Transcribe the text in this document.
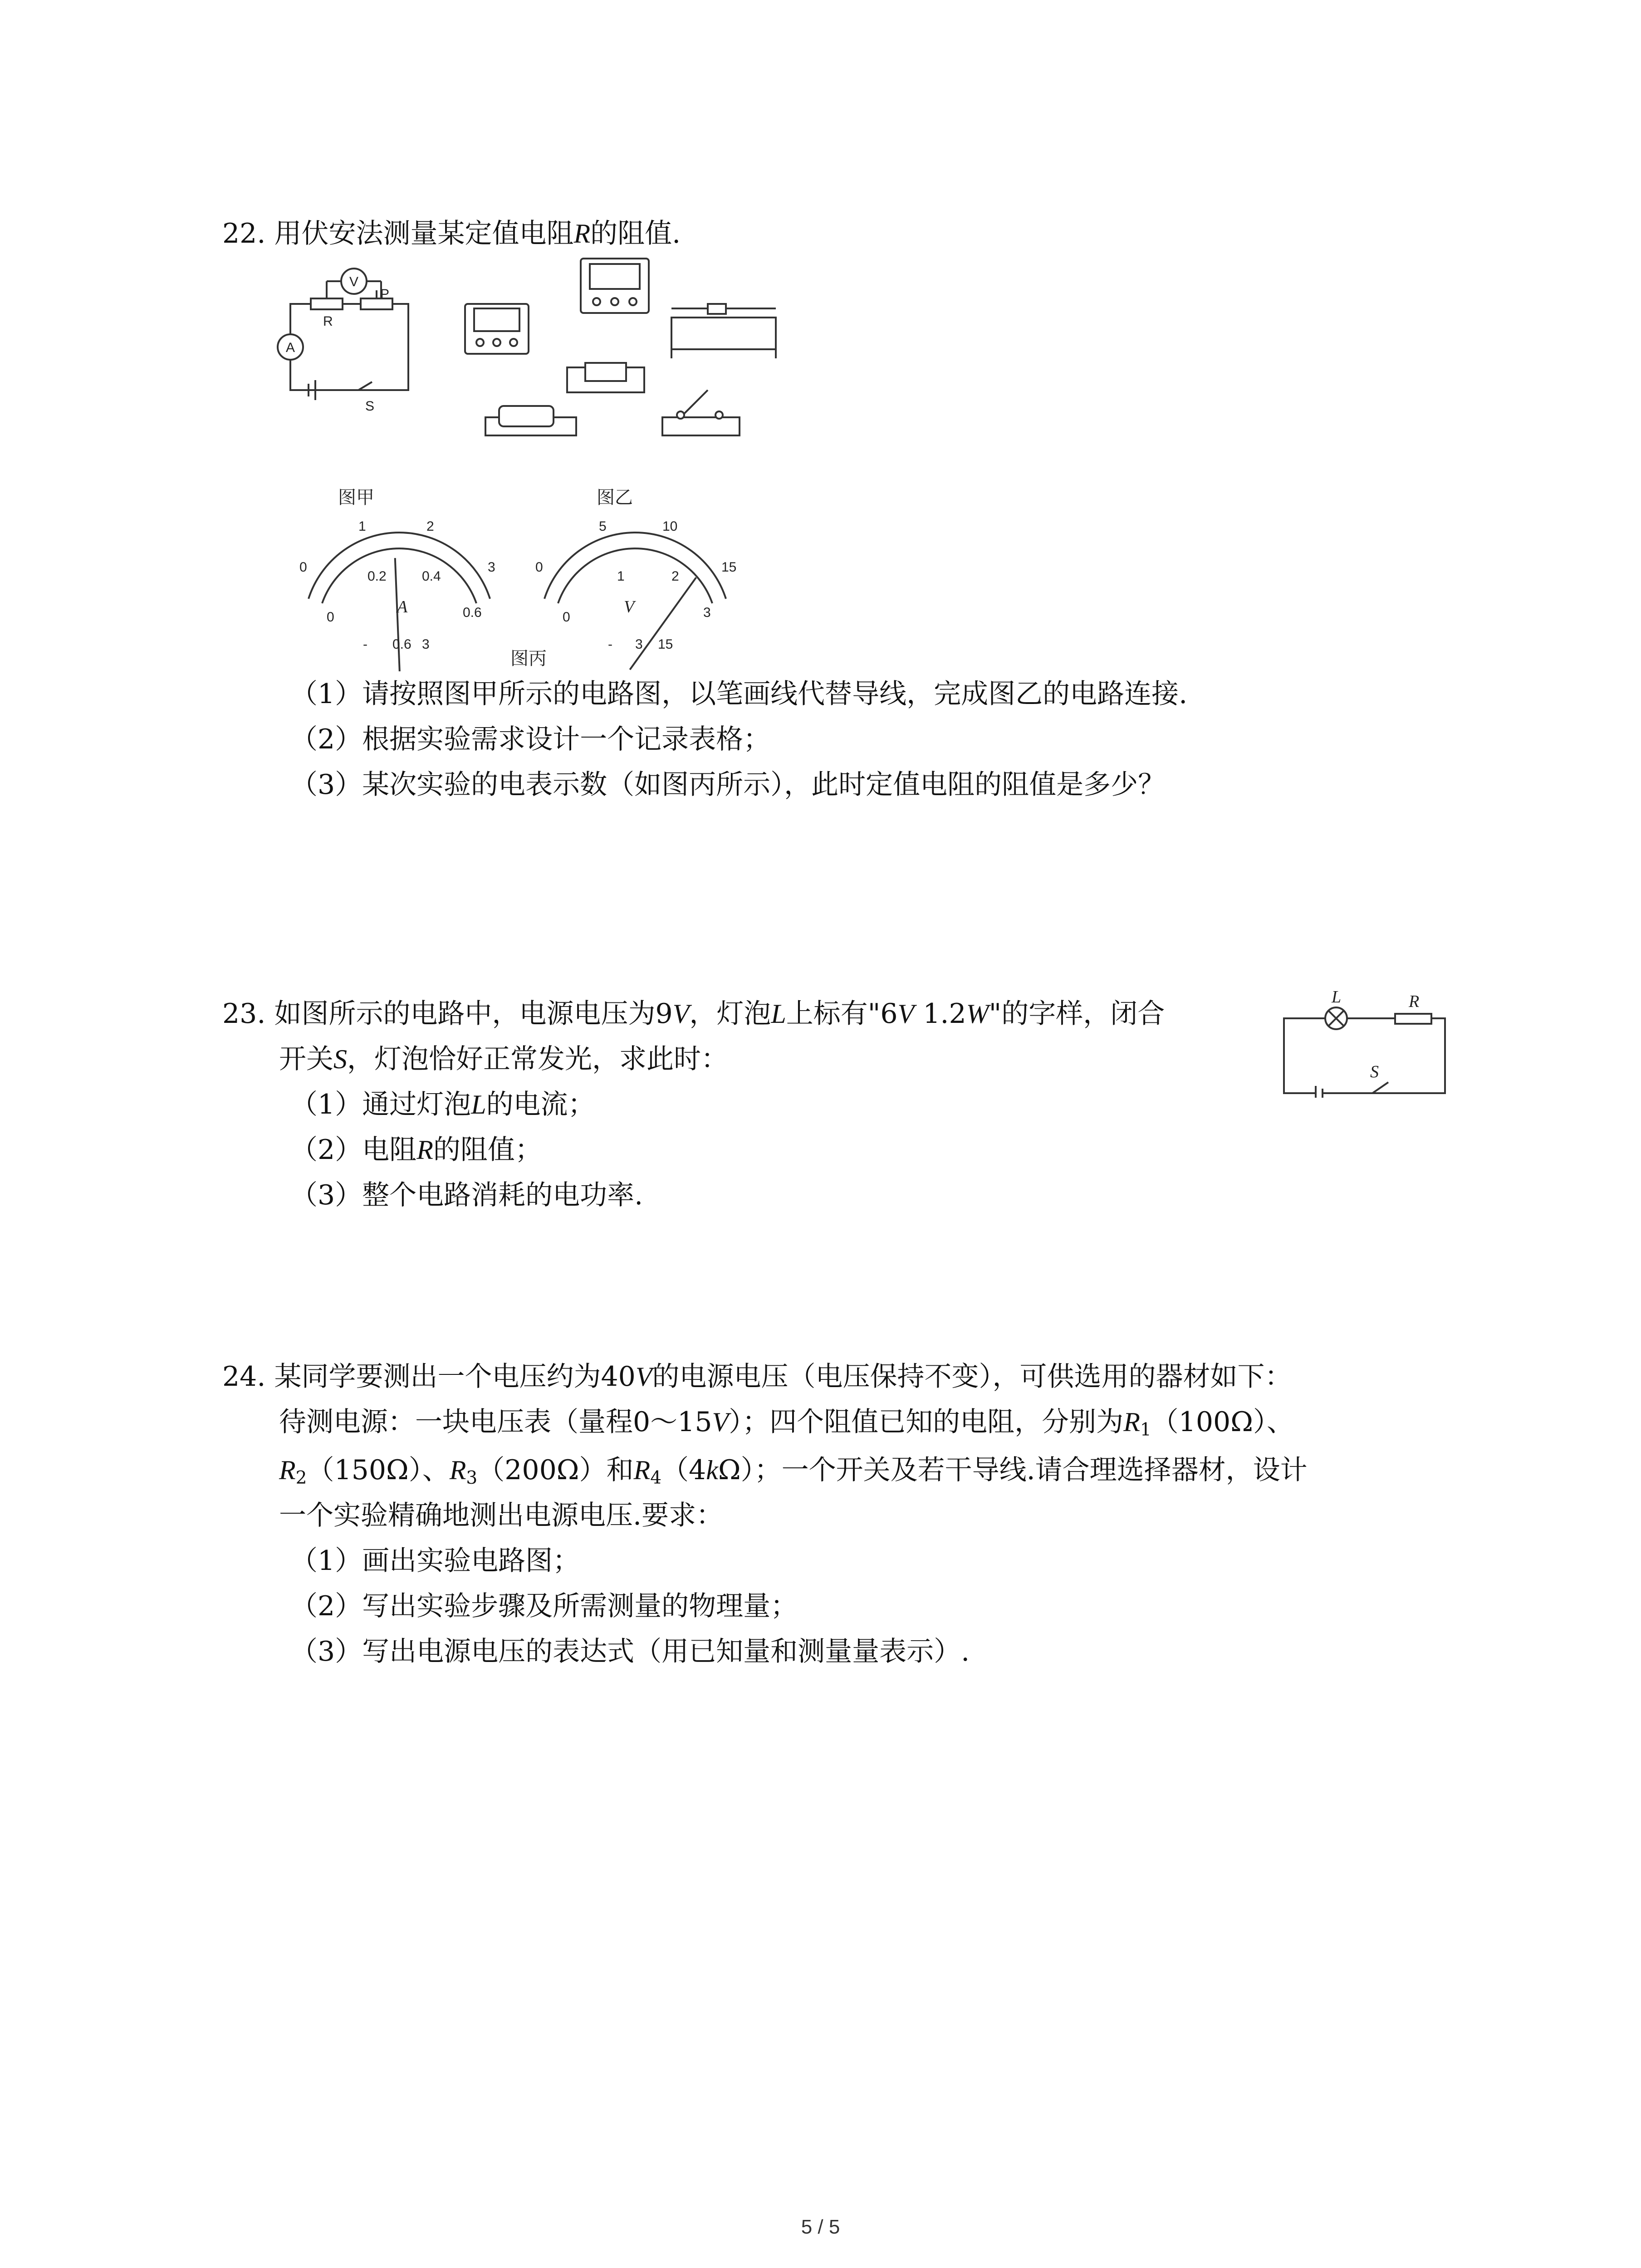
22. 用伏安法测量某定值电阻R的阻值.
V
A
R
P
S
图甲	图乙
0
1	2
3
0
0.2	0.4
0.6
A
- 0.6 3
0
5	10
15
0
1	2
3
V
- 3 15
图丙
（1）请按照图甲所示的电路图，以笔画线代替导线，完成图乙的电路连接.
（2）根据实验需求设计一个记录表格；
（3）某次实验的电表示数（如图丙所示），此时定值电阻的阻值是多少？
23. 如图所示的电路中，电源电压为9V，灯泡L上标有"6V 1.2W"的字样，闭合
开关S，灯泡恰好正常发光，求此时：
（1）通过灯泡L的电流；
（2）电阻R的阻值；
（3）整个电路消耗的电功率.
L	R
S
24. 某同学要测出一个电压约为40V的电源电压（电压保持不变），可供选用的器材如下：
待测电源：一块电压表（量程0～15V）；四个阻值已知的电阻，分别为$R_1(100\Omega)$、
$R_2(150\Omega)$、$R_3(200\Omega)$和$R_4(4k\Omega)$；一个开关及若干导线.请合理选择器材，设计
一个实验精确地测出电源电压.要求：
（1）画出实验电路图；
（2）写出实验步骤及所需测量的物理量；
（3）写出电源电压的表达式（用已知量和测量量表示）.
5 / 5
